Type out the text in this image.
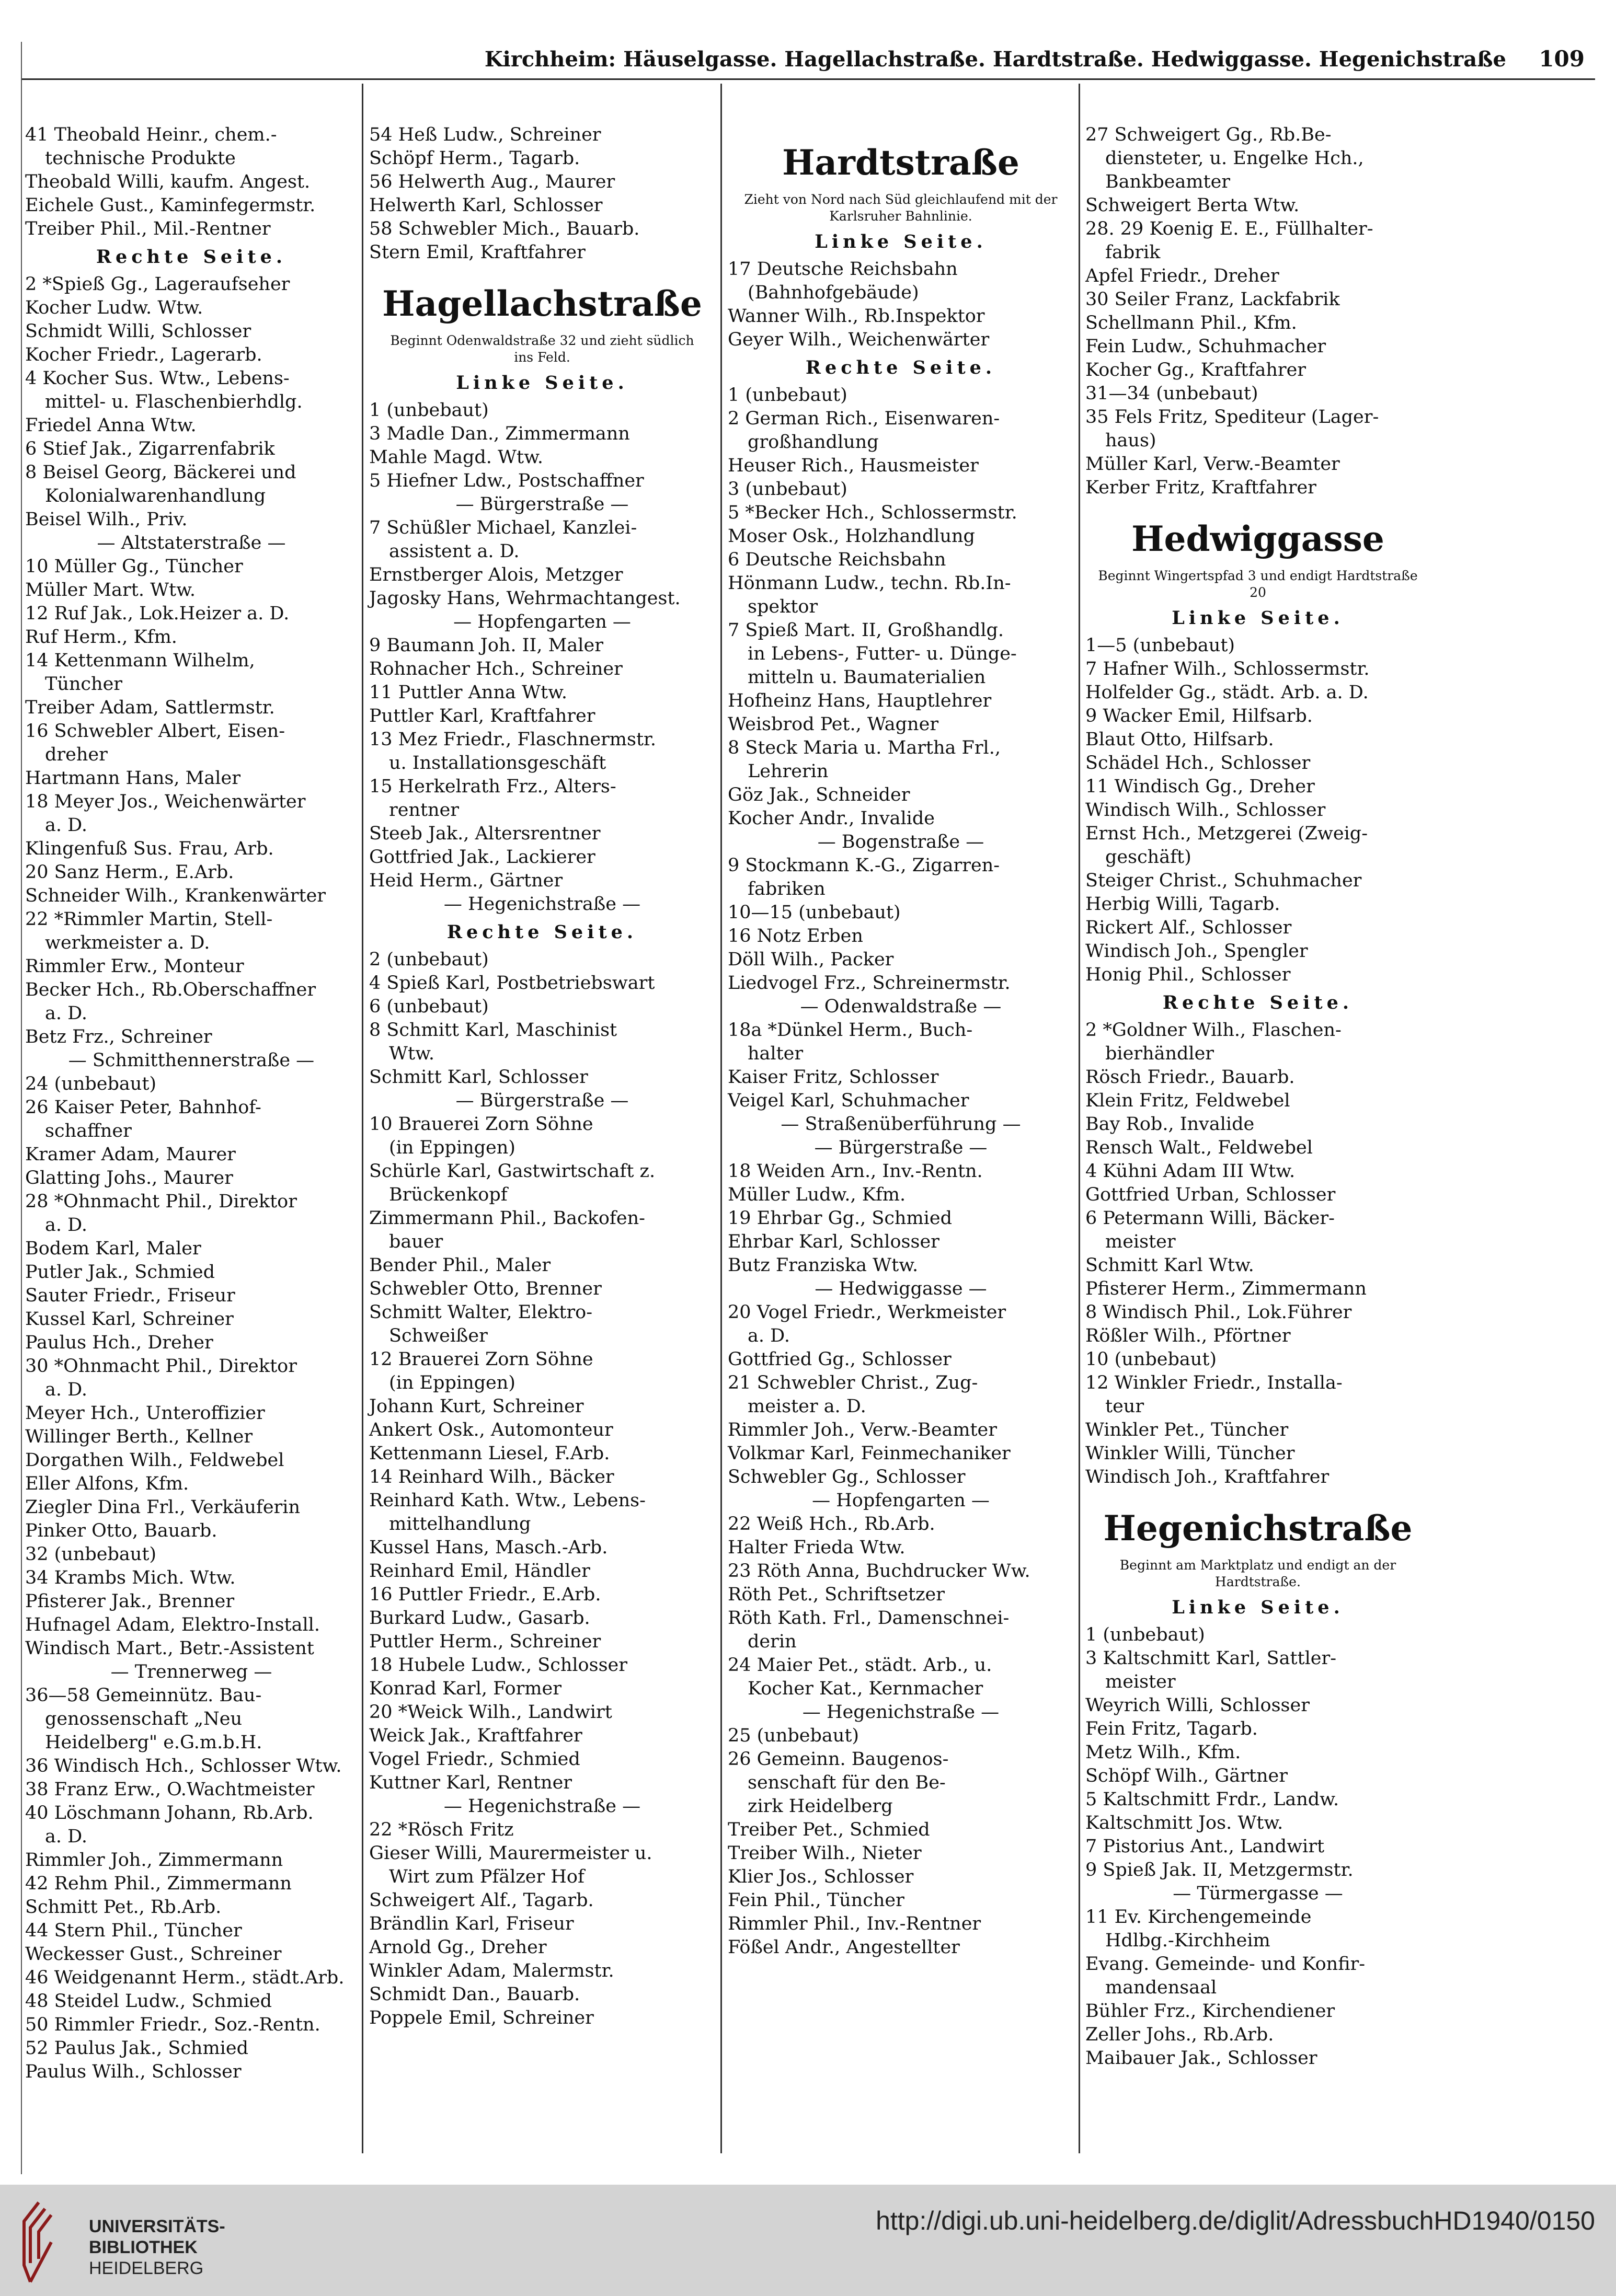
Kirchheim: Häuselgasse. Hagellachstraße. Hardtstraße. Hedwiggasse. Hegenichstraße 109
41 Theobald Heinr., chem.-
technische Produkte
Theobald Willi, kaufm. Angest.
Eichele Gust., Kaminfegermstr.
Treiber Phil., Mil.-Rentner
Rechte Seite.
2 *Spieß Gg., Lageraufseher
Kocher Ludw. Wtw.
Schmidt Willi, Schlosser
Kocher Friedr., Lagerarb.
4 Kocher Sus. Wtw., Lebens-
mittel- u. Flaschenbierhdlg.
Friedel Anna Wtw.
6 Stief Jak., Zigarrenfabrik
8 Beisel Georg, Bäckerei und
Kolonialwarenhandlung
Beisel Wilh., Priv.
— Altstaterstraße —
10 Müller Gg., Tüncher
Müller Mart. Wtw.
12 Ruf Jak., Lok.Heizer a. D.
Ruf Herm., Kfm.
14 Kettenmann Wilhelm,
Tüncher
Treiber Adam, Sattlermstr.
16 Schwebler Albert, Eisen-
dreher
Hartmann Hans, Maler
18 Meyer Jos., Weichenwärter
a. D.
Klingenfuß Sus. Frau, Arb.
20 Sanz Herm., E.Arb.
Schneider Wilh., Krankenwärter
22 *Rimmler Martin, Stell-
werkmeister a. D.
Rimmler Erw., Monteur
Becker Hch., Rb.Oberschaffner
a. D.
Betz Frz., Schreiner
— Schmitthennerstraße —
24 (unbebaut)
26 Kaiser Peter, Bahnhof-
schaffner
Kramer Adam, Maurer
Glatting Johs., Maurer
28 *Ohnmacht Phil., Direktor
a. D.
Bodem Karl, Maler
Putler Jak., Schmied
Sauter Friedr., Friseur
Kussel Karl, Schreiner
Paulus Hch., Dreher
30 *Ohnmacht Phil., Direktor
a. D.
Meyer Hch., Unteroffizier
Willinger Berth., Kellner
Dorgathen Wilh., Feldwebel
Eller Alfons, Kfm.
Ziegler Dina Frl., Verkäuferin
Pinker Otto, Bauarb.
32 (unbebaut)
34 Krambs Mich. Wtw.
Pfisterer Jak., Brenner
Hufnagel Adam, Elektro-Install.
Windisch Mart., Betr.-Assistent
— Trennerweg —
36—58 Gemeinnütz. Bau-
genossenschaft „Neu
Heidelberg" e.G.m.b.H.
36 Windisch Hch., Schlosser Wtw.
38 Franz Erw., O.Wachtmeister
40 Löschmann Johann, Rb.Arb.
a. D.
Rimmler Joh., Zimmermann
42 Rehm Phil., Zimmermann
Schmitt Pet., Rb.Arb.
44 Stern Phil., Tüncher
Weckesser Gust., Schreiner
46 Weidgenannt Herm., städt.Arb.
48 Steidel Ludw., Schmied
50 Rimmler Friedr., Soz.-Rentn.
52 Paulus Jak., Schmied
Paulus Wilh., Schlosser
54 Heß Ludw., Schreiner
Schöpf Herm., Tagarb.
56 Helwerth Aug., Maurer
Helwerth Karl, Schlosser
58 Schwebler Mich., Bauarb.
Stern Emil, Kraftfahrer
Hagellachstraße
Beginnt Odenwaldstraße 32 und zieht südlich ins Feld.
Linke Seite.
1 (unbebaut)
3 Madle Dan., Zimmermann
Mahle Magd. Wtw.
5 Hiefner Ldw., Postschaffner
— Bürgerstraße —
7 Schüßler Michael, Kanzlei-
assistent a. D.
Ernstberger Alois, Metzger
Jagosky Hans, Wehrmachtangest.
— Hopfengarten —
9 Baumann Joh. II, Maler
Rohnacher Hch., Schreiner
11 Puttler Anna Wtw.
Puttler Karl, Kraftfahrer
13 Mez Friedr., Flaschnermstr.
u. Installationsgeschäft
15 Herkelrath Frz., Alters-
rentner
Steeb Jak., Altersrentner
Gottfried Jak., Lackierer
Heid Herm., Gärtner
— Hegenichstraße —
Rechte Seite.
2 (unbebaut)
4 Spieß Karl, Postbetriebswart
6 (unbebaut)
8 Schmitt Karl, Maschinist
Wtw.
Schmitt Karl, Schlosser
— Bürgerstraße —
10 Brauerei Zorn Söhne
(in Eppingen)
Schürle Karl, Gastwirtschaft z.
Brückenkopf
Zimmermann Phil., Backofen-
bauer
Bender Phil., Maler
Schwebler Otto, Brenner
Schmitt Walter, Elektro-
Schweißer
12 Brauerei Zorn Söhne
(in Eppingen)
Johann Kurt, Schreiner
Ankert Osk., Automonteur
Kettenmann Liesel, F.Arb.
14 Reinhard Wilh., Bäcker
Reinhard Kath. Wtw., Lebens-
mittelhandlung
Kussel Hans, Masch.-Arb.
Reinhard Emil, Händler
16 Puttler Friedr., E.Arb.
Burkard Ludw., Gasarb.
Puttler Herm., Schreiner
18 Hubele Ludw., Schlosser
Konrad Karl, Former
20 *Weick Wilh., Landwirt
Weick Jak., Kraftfahrer
Vogel Friedr., Schmied
Kuttner Karl, Rentner
— Hegenichstraße —
22 *Rösch Fritz
Gieser Willi, Maurermeister u.
Wirt zum Pfälzer Hof
Schweigert Alf., Tagarb.
Brändlin Karl, Friseur
Arnold Gg., Dreher
Winkler Adam, Malermstr.
Schmidt Dan., Bauarb.
Poppele Emil, Schreiner
Hardtstraße
Zieht von Nord nach Süd gleichlaufend mit der Karlsruher Bahnlinie.
Linke Seite.
17 Deutsche Reichsbahn
(Bahnhofgebäude)
Wanner Wilh., Rb.Inspektor
Geyer Wilh., Weichenwärter
Rechte Seite.
1 (unbebaut)
2 German Rich., Eisenwaren-
großhandlung
Heuser Rich., Hausmeister
3 (unbebaut)
5 *Becker Hch., Schlossermstr.
Moser Osk., Holzhandlung
6 Deutsche Reichsbahn
Hönmann Ludw., techn. Rb.In-
spektor
7 Spieß Mart. II, Großhandlg.
in Lebens-, Futter- u. Dünge-
mitteln u. Baumaterialien
Hofheinz Hans, Hauptlehrer
Weisbrod Pet., Wagner
8 Steck Maria u. Martha Frl.,
Lehrerin
Göz Jak., Schneider
Kocher Andr., Invalide
— Bogenstraße —
9 Stockmann K.-G., Zigarren-
fabriken
10—15 (unbebaut)
16 Notz Erben
Döll Wilh., Packer
Liedvogel Frz., Schreinermstr.
— Odenwaldstraße —
18a *Dünkel Herm., Buch-
halter
Kaiser Fritz, Schlosser
Veigel Karl, Schuhmacher
— Straßenüberführung —
— Bürgerstraße —
18 Weiden Arn., Inv.-Rentn.
Müller Ludw., Kfm.
19 Ehrbar Gg., Schmied
Ehrbar Karl, Schlosser
Butz Franziska Wtw.
— Hedwiggasse —
20 Vogel Friedr., Werkmeister
a. D.
Gottfried Gg., Schlosser
21 Schwebler Christ., Zug-
meister a. D.
Rimmler Joh., Verw.-Beamter
Volkmar Karl, Feinmechaniker
Schwebler Gg., Schlosser
— Hopfengarten —
22 Weiß Hch., Rb.Arb.
Halter Frieda Wtw.
23 Röth Anna, Buchdrucker Ww.
Röth Pet., Schriftsetzer
Röth Kath. Frl., Damenschnei-
derin
24 Maier Pet., städt. Arb., u.
Kocher Kat., Kernmacher
— Hegenichstraße —
25 (unbebaut)
26 Gemeinn. Baugenos-
senschaft für den Be-
zirk Heidelberg
Treiber Pet., Schmied
Treiber Wilh., Nieter
Klier Jos., Schlosser
Fein Phil., Tüncher
Rimmler Phil., Inv.-Rentner
Fößel Andr., Angestellter
27 Schweigert Gg., Rb.Be-
diensteter, u. Engelke Hch.,
Bankbeamter
Schweigert Berta Wtw.
28. 29 Koenig E. E., Füllhalter-
fabrik
Apfel Friedr., Dreher
30 Seiler Franz, Lackfabrik
Schellmann Phil., Kfm.
Fein Ludw., Schuhmacher
Kocher Gg., Kraftfahrer
31—34 (unbebaut)
35 Fels Fritz, Spediteur (Lager-
haus)
Müller Karl, Verw.-Beamter
Kerber Fritz, Kraftfahrer
Hedwiggasse
Beginnt Wingertspfad 3 und endigt Hardtstraße 20
Linke Seite.
1—5 (unbebaut)
7 Hafner Wilh., Schlossermstr.
Holfelder Gg., städt. Arb. a. D.
9 Wacker Emil, Hilfsarb.
Blaut Otto, Hilfsarb.
Schädel Hch., Schlosser
11 Windisch Gg., Dreher
Windisch Wilh., Schlosser
Ernst Hch., Metzgerei (Zweig-
geschäft)
Steiger Christ., Schuhmacher
Herbig Willi, Tagarb.
Rickert Alf., Schlosser
Windisch Joh., Spengler
Honig Phil., Schlosser
Rechte Seite.
2 *Goldner Wilh., Flaschen-
bierhändler
Rösch Friedr., Bauarb.
Klein Fritz, Feldwebel
Bay Rob., Invalide
Rensch Walt., Feldwebel
4 Kühni Adam III Wtw.
Gottfried Urban, Schlosser
6 Petermann Willi, Bäcker-
meister
Schmitt Karl Wtw.
Pfisterer Herm., Zimmermann
8 Windisch Phil., Lok.Führer
Rößler Wilh., Pförtner
10 (unbebaut)
12 Winkler Friedr., Installa-
teur
Winkler Pet., Tüncher
Winkler Willi, Tüncher
Windisch Joh., Kraftfahrer
Hegenichstraße
Beginnt am Marktplatz und endigt an der Hardtstraße.
Linke Seite.
1 (unbebaut)
3 Kaltschmitt Karl, Sattler-
meister
Weyrich Willi, Schlosser
Fein Fritz, Tagarb.
Metz Wilh., Kfm.
Schöpf Wilh., Gärtner
5 Kaltschmitt Frdr., Landw.
Kaltschmitt Jos. Wtw.
7 Pistorius Ant., Landwirt
9 Spieß Jak. II, Metzgermstr.
— Türmergasse —
11 Ev. Kirchengemeinde
Hdlbg.-Kirchheim
Evang. Gemeinde- und Konfir-
mandensaal
Bühler Frz., Kirchendiener
Zeller Johs., Rb.Arb.
Maibauer Jak., Schlosser
UNIVERSITÄTS-
BIBLIOTHEK
HEIDELBERG
http://digi.ub.uni-heidelberg.de/diglit/AdressbuchHD1940/0150
